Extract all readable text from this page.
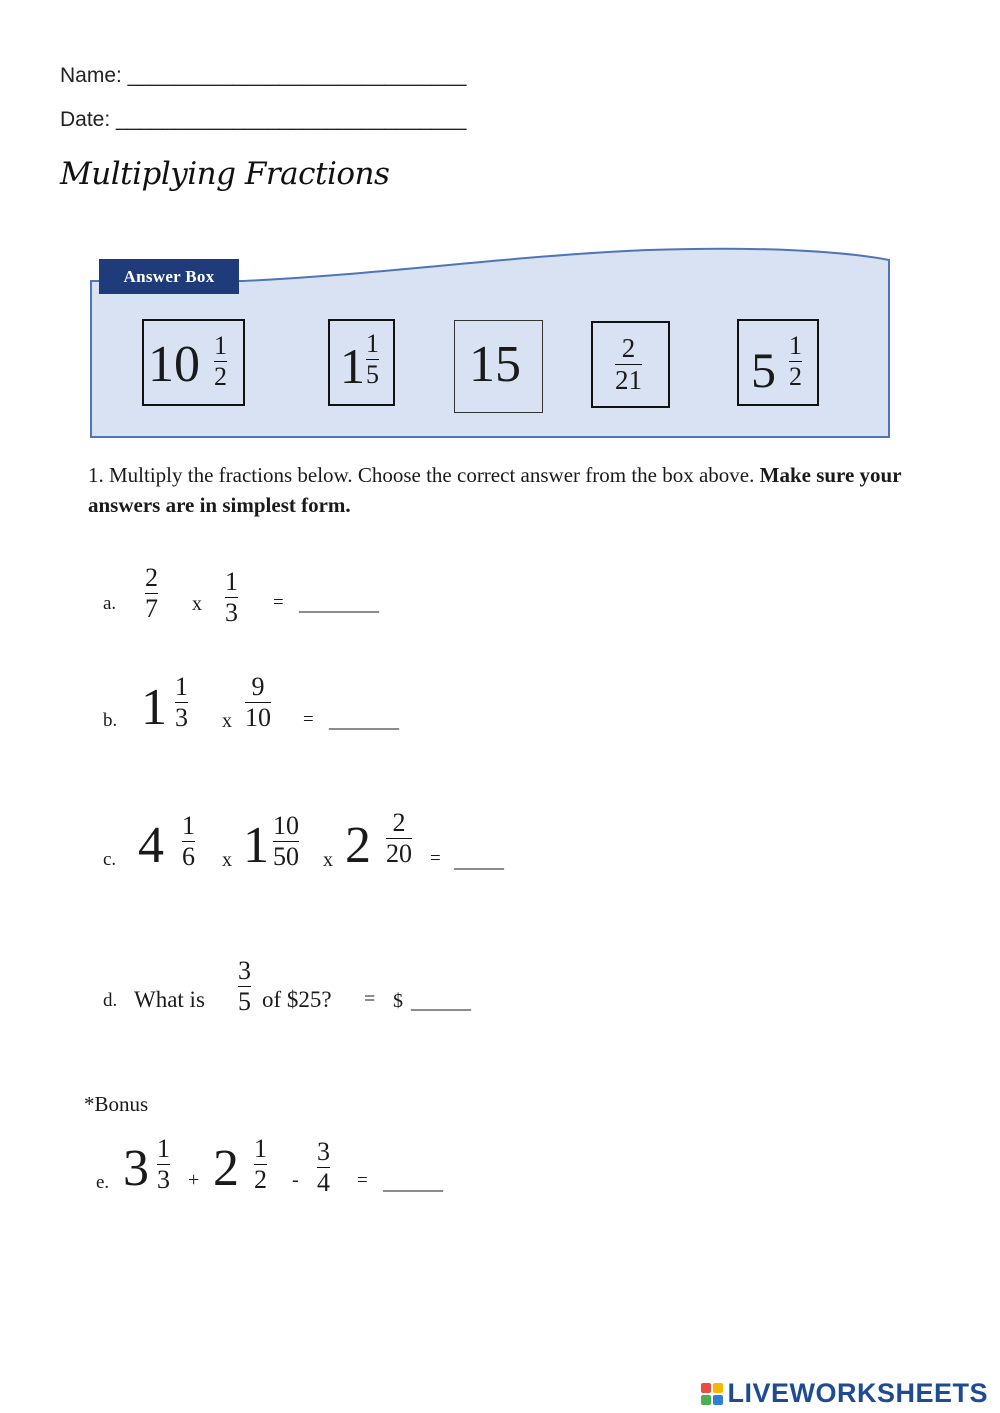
Name: _____________________________
Date: ______________________________
Multiplying Fractions
Answer Box
10 1
2 1 1
5 15	2
21 5 1
2
1. Multiply the fractions below. Choose the correct answer from the box above. Make sure your answers are in simplest form.
a.
2
7 x
1
3 = ________
b. 1 1
3 x
9
10 = _______
c. 4 1
6 x 1 10
50 x 2 2
20 = _____
d. What is
3
5 of $25? = $ ______
*Bonus
e. 3 1
3 + 2 1
2 -
3
4 = ______
LIVEWORKSHEETS
